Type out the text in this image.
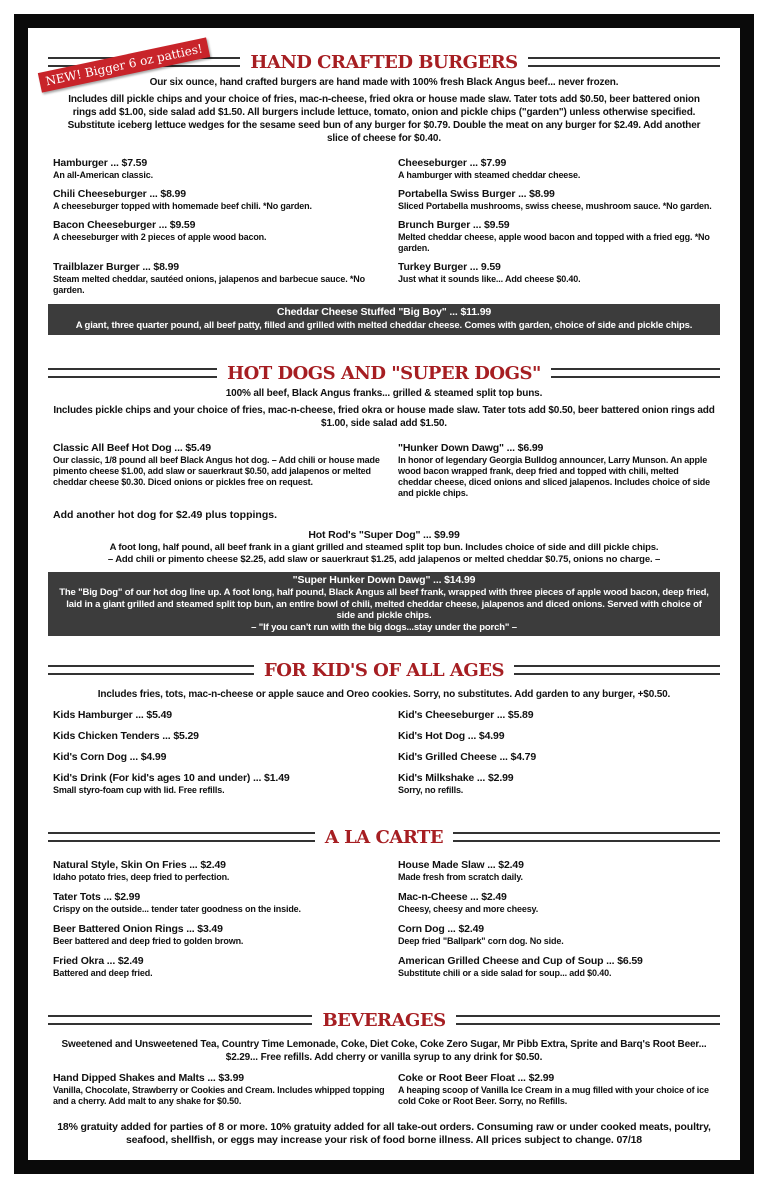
HAND CRAFTED BURGERS
Our six ounce, hand crafted burgers are hand made with 100% fresh Black Angus beef... never frozen.
Includes dill pickle chips and your choice of fries, mac-n-cheese, fried okra or house made slaw. Tater tots add $0.50, beer battered onion rings add $1.00, side salad add $1.50. All burgers include lettuce, tomato, onion and pickle chips ("garden") unless otherwise specified. Substitute iceberg lettuce wedges for the sesame seed bun of any burger for $0.79. Double the meat on any burger for $2.49. Add another slice of cheese for $0.40.
Hamburger ... $7.59
An all-American classic.
Cheeseburger ... $7.99
A hamburger with steamed cheddar cheese.
Chili Cheeseburger ... $8.99
A cheeseburger topped with homemade beef chili. *No garden.
Portabella Swiss Burger ... $8.99
Sliced Portabella mushrooms, swiss cheese, mushroom sauce. *No garden.
Bacon Cheeseburger ... $9.59
A cheeseburger with 2 pieces of apple wood bacon.
Brunch Burger ... $9.59
Melted cheddar cheese, apple wood bacon and topped with a fried egg. *No garden.
Trailblazer Burger ... $8.99
Steam melted cheddar, sautéed onions, jalapenos and barbecue sauce. *No garden.
Turkey Burger ... 9.59
Just what it sounds like... Add cheese $0.40.
Cheddar Cheese Stuffed "Big Boy" ... $11.99
A giant, three quarter pound, all beef patty, filled and grilled with melted cheddar cheese. Comes with garden, choice of side and pickle chips.
NEW! Bigger 6 oz patties!
HOT DOGS AND "SUPER DOGS"
100% all beef, Black Angus franks... grilled & steamed split top buns.
Includes pickle chips and your choice of fries, mac-n-cheese, fried okra or house made slaw. Tater tots add $0.50, beer battered onion rings add $1.00, side salad add $1.50.
Classic All Beef Hot Dog ... $5.49
Our classic, 1/8 pound all beef Black Angus hot dog. – Add chili or house made pimento cheese $1.00, add slaw or sauerkraut $0.50, add jalapenos or melted cheddar cheese $0.30. Diced onions or pickles free on request.
"Hunker Down Dawg" ... $6.99
In honor of legendary Georgia Bulldog announcer, Larry Munson. An apple wood bacon wrapped frank, deep fried and topped with chili, melted cheddar cheese, diced onions and sliced jalapenos. Includes choice of side and pickle chips.
Add another hot dog for $2.49 plus toppings.
Hot Rod's "Super Dog" ... $9.99
A foot long, half pound, all beef frank in a giant grilled and steamed split top bun. Includes choice of side and dill pickle chips.
– Add chili or pimento cheese $2.25, add slaw or sauerkraut $1.25, add jalapenos or melted cheddar $0.75, onions no charge. –
"Super Hunker Down Dawg" ... $14.99
The "Big Dog" of our hot dog line up. A foot long, half pound, Black Angus all beef frank, wrapped with three pieces of apple wood bacon, deep fried, laid in a giant grilled and steamed split top bun, an entire bowl of chili, melted cheddar cheese, jalapenos and diced onions. Served with choice of side and pickle chips.
– "If you can't run with the big dogs...stay under the porch" –
FOR KID'S OF ALL AGES
Includes fries, tots, mac-n-cheese or apple sauce and Oreo cookies. Sorry, no substitutes. Add garden to any burger, +$0.50.
Kids Hamburger ... $5.49	Kid's Cheeseburger ... $5.89
Kids Chicken Tenders ... $5.29	Kid's Hot Dog ... $4.99
Kid's Corn Dog ... $4.99	Kid's Grilled Cheese ... $4.79
Kid's Drink (For kid's ages 10 and under) ... $1.49
Small styro-foam cup with lid. Free refills.
Kid's Milkshake ... $2.99
Sorry, no refills.
A LA CARTE
Natural Style, Skin On Fries ... $2.49
Idaho potato fries, deep fried to perfection.
House Made Slaw ... $2.49
Made fresh from scratch daily.
Tater Tots ... $2.99
Crispy on the outside... tender tater goodness on the inside.
Mac-n-Cheese ... $2.49
Cheesy, cheesy and more cheesy.
Beer Battered Onion Rings ... $3.49
Beer battered and deep fried to golden brown.
Corn Dog ... $2.49
Deep fried "Ballpark" corn dog. No side.
Fried Okra ... $2.49
Battered and deep fried.
American Grilled Cheese and Cup of Soup ... $6.59
Substitute chili or a side salad for soup... add $0.40.
BEVERAGES
Sweetened and Unsweetened Tea, Country Time Lemonade, Coke, Diet Coke, Coke Zero Sugar, Mr Pibb Extra, Sprite and Barq's Root Beer... $2.29... Free refills. Add cherry or vanilla syrup to any drink for $0.50.
Hand Dipped Shakes and Malts ... $3.99
Vanilla, Chocolate, Strawberry or Cookies and Cream. Includes whipped topping and a cherry. Add malt to any shake for $0.50.
Coke or Root Beer Float ... $2.99
A heaping scoop of Vanilla Ice Cream in a mug filled with your choice of ice cold Coke or Root Beer. Sorry, no Refills.
18% gratuity added for parties of 8 or more. 10% gratuity added for all take-out orders. Consuming raw or under cooked meats, poultry, seafood, shellfish, or eggs may increase your risk of food borne illness. All prices subject to change. 07/18
